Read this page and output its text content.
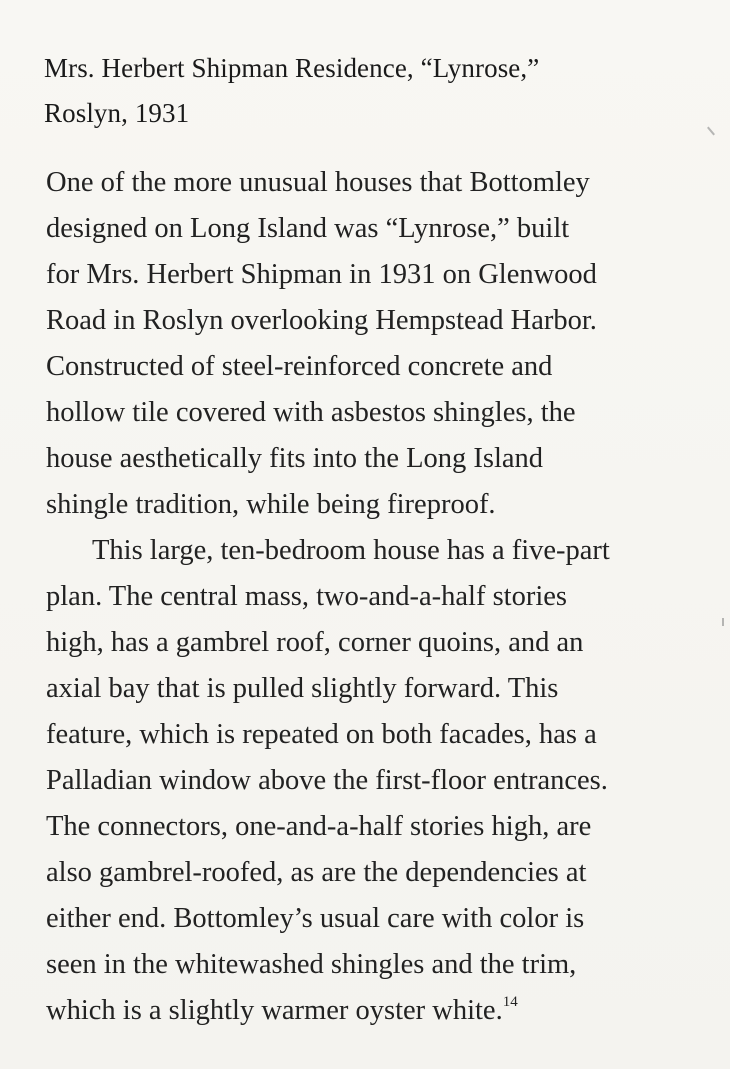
Mrs. Herbert Shipman Residence, “Lynrose,”
Roslyn, 1931
One of the more unusual houses that Bottomley
designed on Long Island was “Lynrose,” built
for Mrs. Herbert Shipman in 1931 on Glenwood
Road in Roslyn overlooking Hempstead Harbor.
Constructed of steel-reinforced concrete and
hollow tile covered with asbestos shingles, the
house aesthetically fits into the Long Island
shingle tradition, while being fireproof.
This large, ten-bedroom house has a five-part
plan. The central mass, two-and-a-half stories
high, has a gambrel roof, corner quoins, and an
axial bay that is pulled slightly forward. This
feature, which is repeated on both facades, has a
Palladian window above the first-floor entrances.
The connectors, one-and-a-half stories high, are
also gambrel-roofed, as are the dependencies at
either end. Bottomley’s usual care with color is
seen in the whitewashed shingles and the trim,
which is a slightly warmer oyster white.$^{14}$
